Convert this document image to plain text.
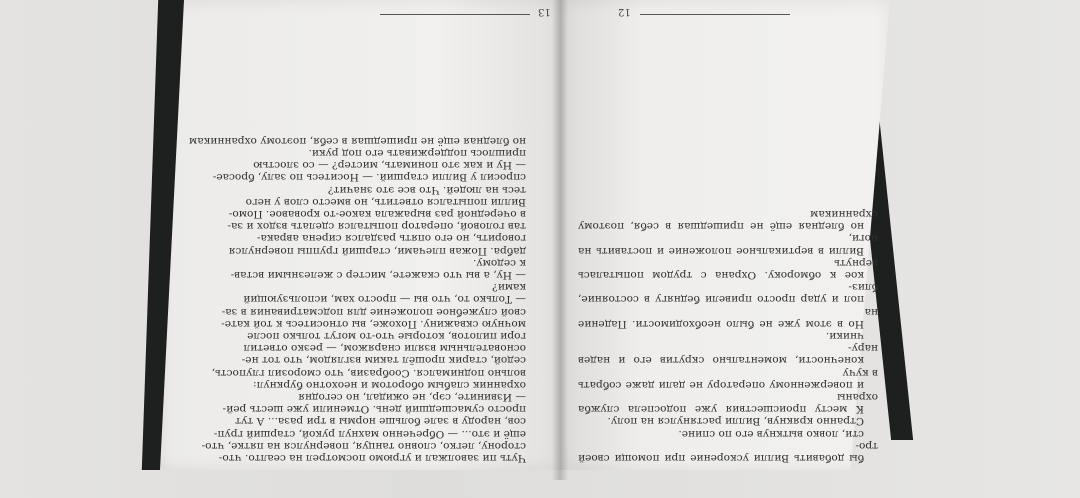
13	12

Чуть пи заволжал и угрюмо посмотрел на сеалто. что-

сторону, легко, словно танцуя, повернулся на пятке, что-

ещё и это... — Обреченно махнул рукой, старший груп-

сов, народу в зале больше нормы в три раза... А тут

просто сумасшедший день. Отменили уже шесть рей-

— Извините, сэр, не ожидал, но сегодня

охранник слабым оборотом и неохотно буркнул:

вольно поднимался. Сообразив, что сморозил глупость,

седой, старик прошёл таким взглядом, что тот не-

основательным взяли снаряжом, — резко ответил

гори пилотов, которые что-то могут только после

мочную скважину. Похоже, вы относитесь к той кате-

свой служебное положение для подсматривания в за-

— Только то, что вы — просто хам, использующий

ками?

— Ну, а вы что скажете, мистер с железными встав-

к седому.

дабра. Пожав плечами, старший группы повернулся

говорить, но его опять раздался сирена аврака-

тав головой, оператор попытался сделать вздох и за-

в очередной раз выражала какое-то кровавое. Помо-

Вилли попытался ответить, но вместо слов у него

тесь на людей. Что все это значит?

спросил у Вилли старший. — Носитесь по залу, бросае-

— Ну и как это понимать, мистер? — со злостью

пришлось поддерживать его под руки.

но бледная ещё не пришедшая в себя, поэтому охранникам

бы добавить Вилли ускорение при помощи своей тро-

сти, ловко выткнув его по спине.

Странно крякнув, Вилли растянулся на полу.

К месту происшествия уже подоспела служба охраны

и поверженному оператору не дали даже собрать в кучу

конечности, моментально скрутив его и надев нару-

чники.

Но в этом уже не было необходимости. Падение на

пол и удар просто привели беднягу в состояние, близ-

кое к обмороку. Охрана с трудом попыталась вернуть

Вилли в вертикальное положение и поставить на ноги,

но бледная ещё не пришедшая в себя, поэтому охранникам
